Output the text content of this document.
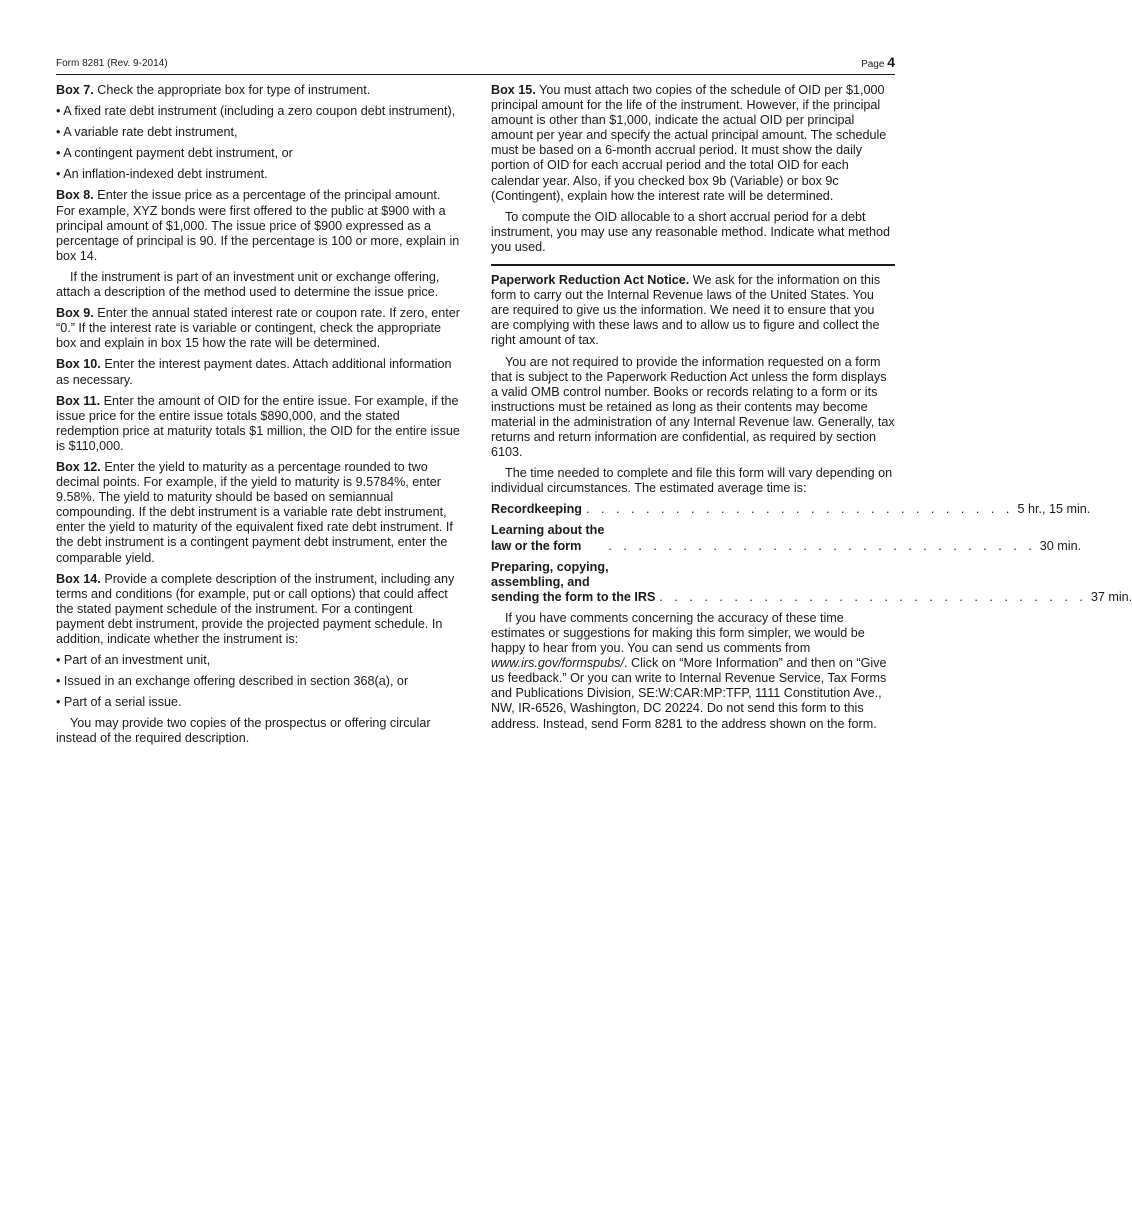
Form 8281 (Rev. 9-2014)	Page 4

Box 7. Check the appropriate box for type of instrument.

• A fixed rate debt instrument (including a zero coupon debt instrument),
• A variable rate debt instrument,
• A contingent payment debt instrument, or
• An inflation-indexed debt instrument.

Box 8. Enter the issue price as a percentage of the principal amount. For example, XYZ bonds were first offered to the public at $900 with a principal amount of $1,000. The issue price of $900 expressed as a percentage of principal is 90. If the percentage is 100 or more, explain in box 14.

If the instrument is part of an investment unit or exchange offering, attach a description of the method used to determine the issue price.

Box 9. Enter the annual stated interest rate or coupon rate. If zero, enter “0.” If the interest rate is variable or contingent, check the appropriate box and explain in box 15 how the rate will be determined.

Box 10. Enter the interest payment dates. Attach additional information as necessary.

Box 11. Enter the amount of OID for the entire issue. For example, if the issue price for the entire issue totals $890,000, and the stated redemption price at maturity totals $1 million, the OID for the entire issue is $110,000.

Box 12. Enter the yield to maturity as a percentage rounded to two decimal points. For example, if the yield to maturity is 9.5784%, enter 9.58%. The yield to maturity should be based on semiannual compounding. If the debt instrument is a variable rate debt instrument, enter the yield to maturity of the equivalent fixed rate debt instrument. If the debt instrument is a contingent payment debt instrument, enter the comparable yield.

Box 14. Provide a complete description of the instrument, including any terms and conditions (for example, put or call options) that could affect the stated payment schedule of the instrument. For a contingent payment debt instrument, provide the projected payment schedule. In addition, indicate whether the instrument is:

• Part of an investment unit,
• Issued in an exchange offering described in section 368(a), or
• Part of a serial issue.

You may provide two copies of the prospectus or offering circular instead of the required description.

Box 15. You must attach two copies of the schedule of OID per $1,000 principal amount for the life of the instrument. However, if the principal amount is other than $1,000, indicate the actual OID per principal amount per year and specify the actual principal amount. The schedule must be based on a 6-month accrual period. It must show the daily portion of OID for each accrual period and the total OID for each calendar year. Also, if you checked box 9b (Variable) or box 9c (Contingent), explain how the interest rate will be determined.

To compute the OID allocable to a short accrual period for a debt instrument, you may use any reasonable method. Indicate what method you used.

Paperwork Reduction Act Notice. We ask for the information on this form to carry out the Internal Revenue laws of the United States. You are required to give us the information. We need it to ensure that you are complying with these laws and to allow us to figure and collect the right amount of tax.

You are not required to provide the information requested on a form that is subject to the Paperwork Reduction Act unless the form displays a valid OMB control number. Books or records relating to a form or its instructions must be retained as long as their contents may become material in the administration of any Internal Revenue law. Generally, tax returns and return information are confidential, as required by section 6103.

The time needed to complete and file this form will vary depending on individual circumstances. The estimated average time is:

Recordkeeping . . . . . . . . . . . . . . . . . . . . . . . . . . . . . 5 hr., 15 min.
Learning about the
law or the form	. . . . . . . . . . . . . . . . . . . . . . . . . . . . . 30 min.
Preparing, copying,
assembling, and
sending the form to the IRS . . . . . . . . . . . . . . . . . . . . . . . . . . . . . 37 min.

If you have comments concerning the accuracy of these time estimates or suggestions for making this form simpler, we would be happy to hear from you. You can send us comments from www.irs.gov/formspubs/. Click on “More Information” and then on “Give us feedback.” Or you can write to Internal Revenue Service, Tax Forms and Publications Division, SE:W:CAR:MP:TFP, 1111 Constitution Ave., NW, IR-6526, Washington, DC 20224. Do not send this form to this address. Instead, send Form 8281 to the address shown on the form.
